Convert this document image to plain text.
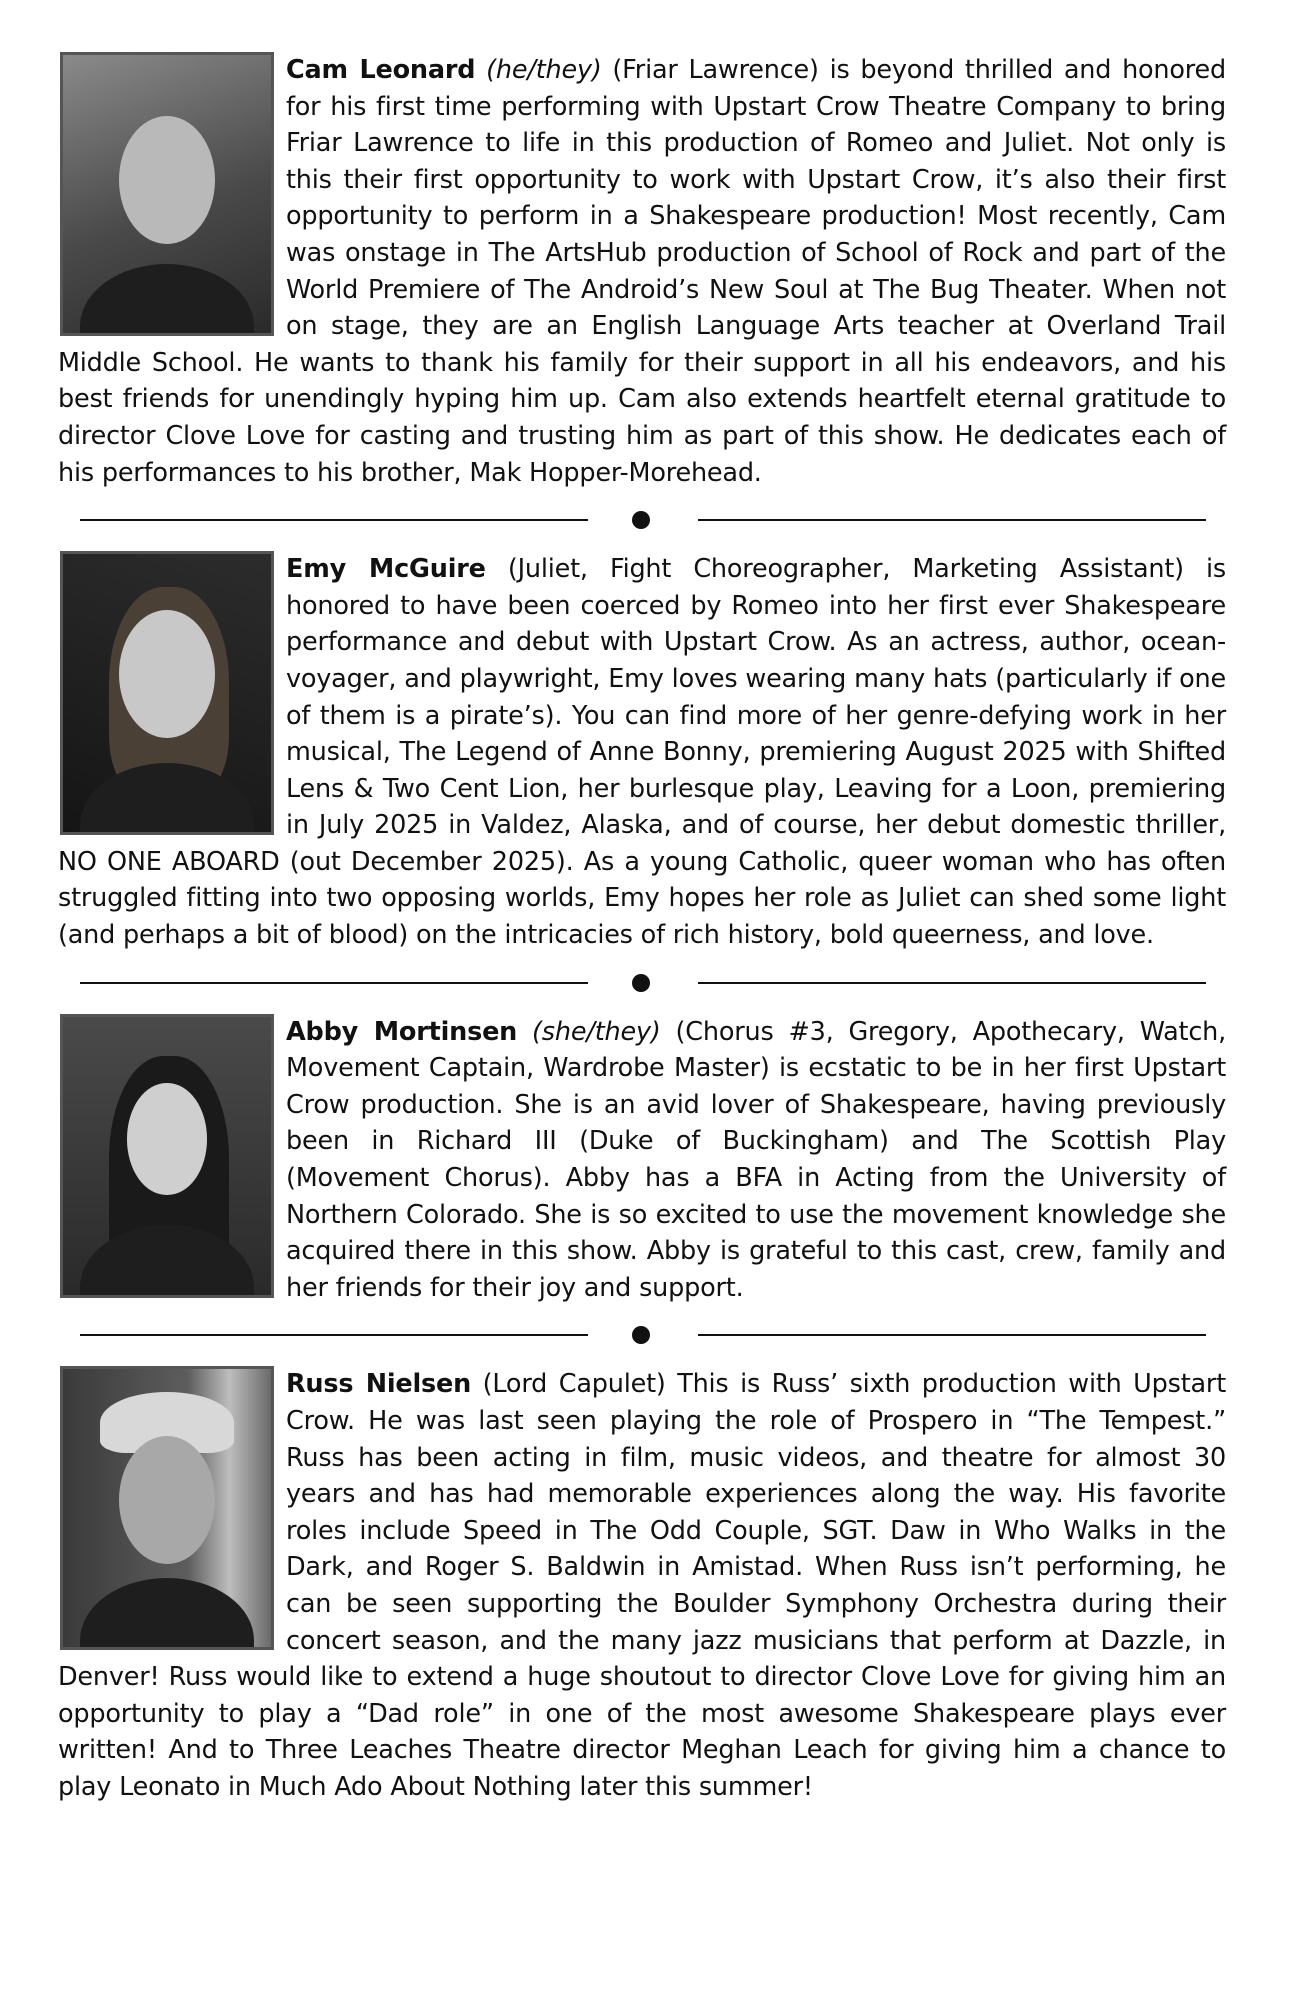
Cam Leonard (he/they) (Friar Lawrence) is beyond thrilled and honored for his first time performing with Upstart Crow Theatre Company to bring Friar Lawrence to life in this production of Romeo and Juliet. Not only is this their first opportunity to work with Upstart Crow, it’s also their first opportunity to perform in a Shakespeare production! Most recently, Cam was onstage in The ArtsHub production of School of Rock and part of the World Premiere of The Android’s New Soul at The Bug Theater. When not on stage, they are an English Language Arts teacher at Overland Trail Middle School. He wants to thank his family for their support in all his endeavors, and his best friends for unendingly hyping him up. Cam also extends heartfelt eternal gratitude to director Clove Love for casting and trusting him as part of this show. He dedicates each of his performances to his brother, Mak Hopper-Morehead.
Emy McGuire (Juliet, Fight Choreographer, Marketing Assistant) is honored to have been coerced by Romeo into her first ever Shakespeare performance and debut with Upstart Crow. As an actress, author, ocean-voyager, and playwright, Emy loves wearing many hats (particularly if one of them is a pirate’s). You can find more of her genre-defying work in her musical, The Legend of Anne Bonny, premiering August 2025 with Shifted Lens & Two Cent Lion, her burlesque play, Leaving for a Loon, premiering in July 2025 in Valdez, Alaska, and of course, her debut domestic thriller, NO ONE ABOARD (out December 2025). As a young Catholic, queer woman who has often struggled fitting into two opposing worlds, Emy hopes her role as Juliet can shed some light (and perhaps a bit of blood) on the intricacies of rich history, bold queerness, and love.
Abby Mortinsen (she/they) (Chorus #3, Gregory, Apothecary, Watch, Movement Captain, Wardrobe Master) is ecstatic to be in her first Upstart Crow production. She is an avid lover of Shakespeare, having previously been in Richard III (Duke of Buckingham) and The Scottish Play (Movement Chorus). Abby has a BFA in Acting from the University of Northern Colorado. She is so excited to use the movement knowledge she acquired there in this show. Abby is grateful to this cast, crew, family and her friends for their joy and support.
Russ Nielsen (Lord Capulet) This is Russ’ sixth production with Upstart Crow. He was last seen playing the role of Prospero in “The Tempest.” Russ has been acting in film, music videos, and theatre for almost 30 years and has had memorable experiences along the way. His favorite roles include Speed in The Odd Couple, SGT. Daw in Who Walks in the Dark, and Roger S. Baldwin in Amistad. When Russ isn’t performing, he can be seen supporting the Boulder Symphony Orchestra during their concert season, and the many jazz musicians that perform at Dazzle, in Denver! Russ would like to extend a huge shoutout to director Clove Love for giving him an opportunity to play a “Dad role” in one of the most awesome Shakespeare plays ever written! And to Three Leaches Theatre director Meghan Leach for giving him a chance to play Leonato in Much Ado About Nothing later this summer!
